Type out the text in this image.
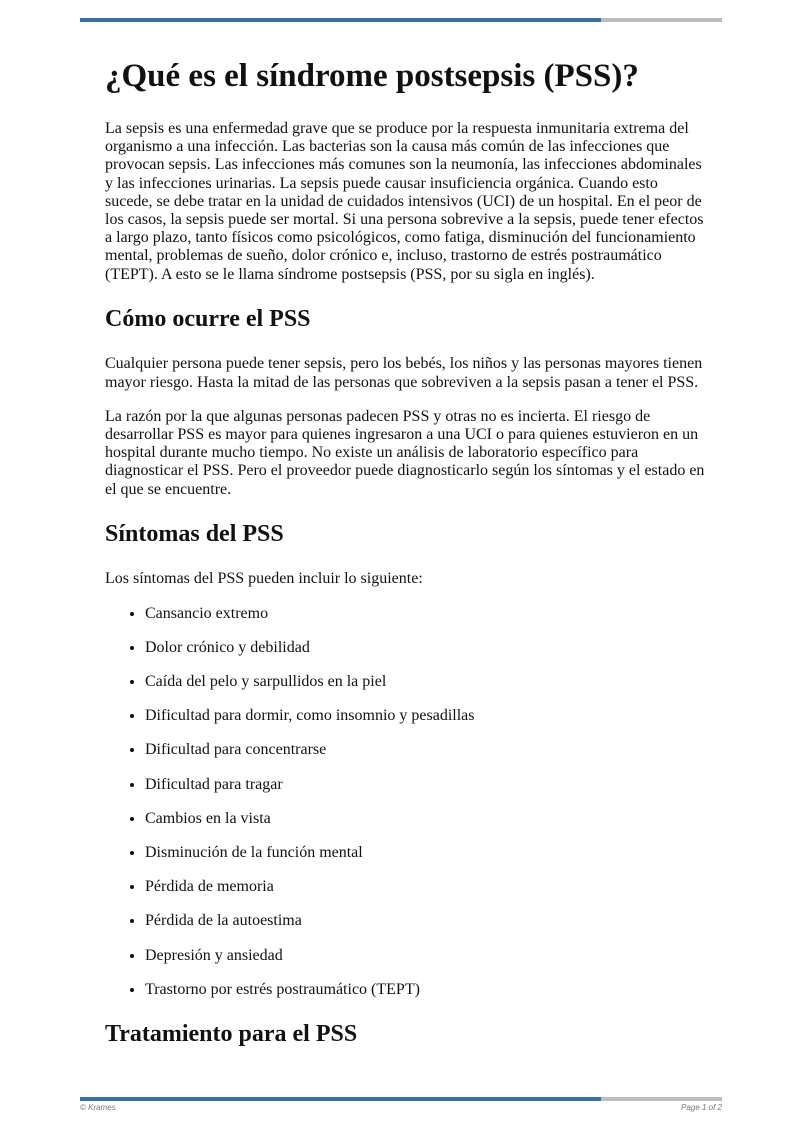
¿Qué es el síndrome postsepsis (PSS)?

La sepsis es una enfermedad grave que se produce por la respuesta inmunitaria extrema del organismo a una infección. Las bacterias son la causa más común de las infecciones que provocan sepsis. Las infecciones más comunes son la neumonía, las infecciones abdominales y las infecciones urinarias. La sepsis puede causar insuficiencia orgánica. Cuando esto sucede, se debe tratar en la unidad de cuidados intensivos (UCI) de un hospital. En el peor de los casos, la sepsis puede ser mortal. Si una persona sobrevive a la sepsis, puede tener efectos a largo plazo, tanto físicos como psicológicos, como fatiga, disminución del funcionamiento mental, problemas de sueño, dolor crónico e, incluso, trastorno de estrés postraumático (TEPT). A esto se le llama síndrome postsepsis (PSS, por su sigla en inglés).

Cómo ocurre el PSS

Cualquier persona puede tener sepsis, pero los bebés, los niños y las personas mayores tienen mayor riesgo. Hasta la mitad de las personas que sobreviven a la sepsis pasan a tener el PSS.

La razón por la que algunas personas padecen PSS y otras no es incierta. El riesgo de desarrollar PSS es mayor para quienes ingresaron a una UCI o para quienes estuvieron en un hospital durante mucho tiempo. No existe un análisis de laboratorio específico para diagnosticar el PSS. Pero el proveedor puede diagnosticarlo según los síntomas y el estado en el que se encuentre.

Síntomas del PSS

Los síntomas del PSS pueden incluir lo siguiente:

• Cansancio extremo
• Dolor crónico y debilidad
• Caída del pelo y sarpullidos en la piel
• Dificultad para dormir, como insomnio y pesadillas
• Dificultad para concentrarse
• Dificultad para tragar
• Cambios en la vista
• Disminución de la función mental
• Pérdida de memoria
• Pérdida de la autoestima
• Depresión y ansiedad
• Trastorno por estrés postraumático (TEPT)
Tratamiento para el PSS
© Krames	Page 1 of 2
